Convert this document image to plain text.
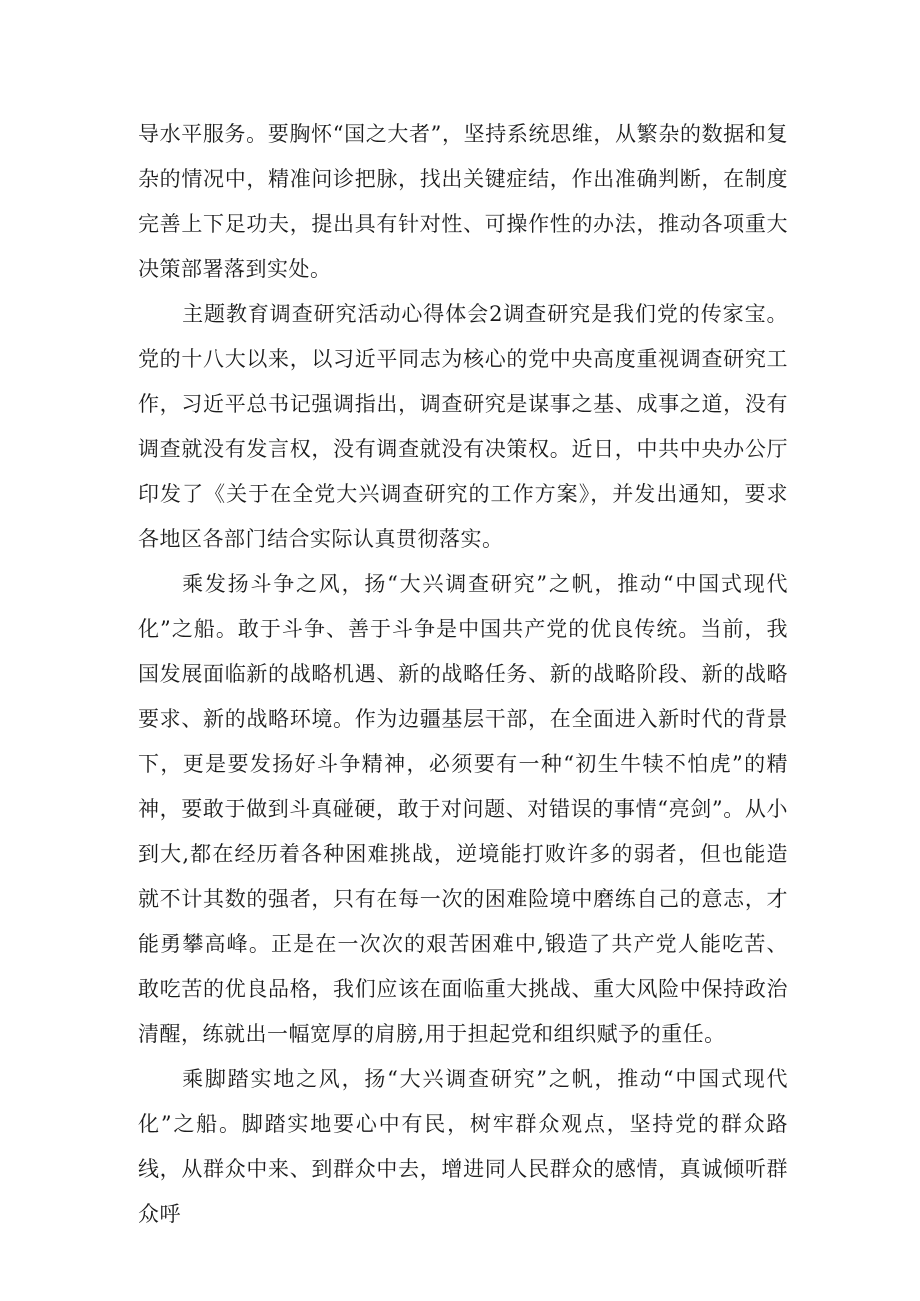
导水平服务。要胸怀“国之大者”，坚持系统思维，从繁杂的数据和复杂的情况中，精准问诊把脉，找出关键症结，作出准确判断，在制度完善上下足功夫，提出具有针对性、可操作性的办法，推动各项重大决策部署落到实处。

主题教育调查研究活动心得体会2调查研究是我们党的传家宝。党的十八大以来，以习近平同志为核心的党中央高度重视调查研究工作，习近平总书记强调指出，调查研究是谋事之基、成事之道，没有调查就没有发言权，没有调查就没有决策权。近日，中共中央办公厅印发了《关于在全党大兴调查研究的工作方案》，并发出通知，要求各地区各部门结合实际认真贯彻落实。

乘发扬斗争之风，扬“大兴调查研究”之帆，推动“中国式现代化”之船。敢于斗争、善于斗争是中国共产党的优良传统。当前，我国发展面临新的战略机遇、新的战略任务、新的战略阶段、新的战略要求、新的战略环境。作为边疆基层干部，在全面进入新时代的背景下，更是要发扬好斗争精神，必须要有一种“初生牛犊不怕虎”的精神，要敢于做到斗真碰硬，敢于对问题、对错误的事情“亮剑”。从小到大,都在经历着各种困难挑战，逆境能打败许多的弱者，但也能造就不计其数的强者，只有在每一次的困难险境中磨练自己的意志，才能勇攀高峰。正是在一次次的艰苦困难中,锻造了共产党人能吃苦、敢吃苦的优良品格，我们应该在面临重大挑战、重大风险中保持政治清醒，练就出一幅宽厚的肩膀,用于担起党和组织赋予的重任。

乘脚踏实地之风，扬“大兴调查研究”之帆，推动“中国式现代化”之船。脚踏实地要心中有民，树牢群众观点，坚持党的群众路线，从群众中来、到群众中去，增进同人民群众的感情，真诚倾听群众呼
